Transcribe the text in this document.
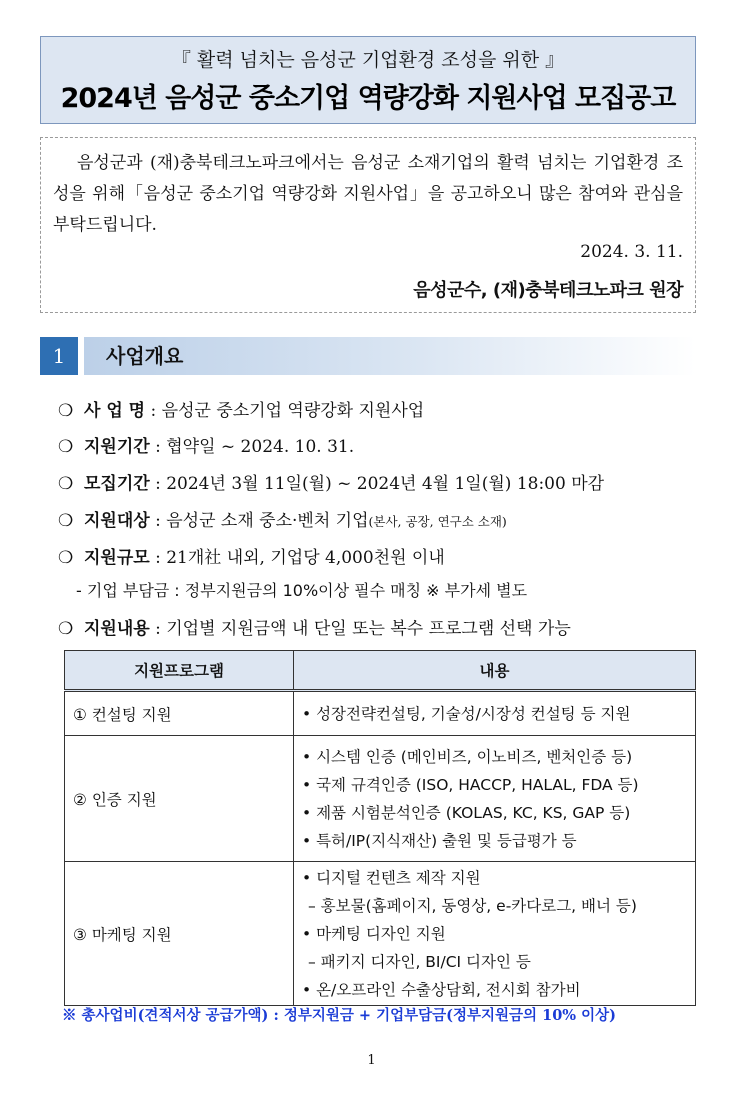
『 활력 넘치는 음성군 기업환경 조성을 위한 』
2024년 음성군 중소기업 역량강화 지원사업 모집공고

음성군과 (재)충북테크노파크에서는 음성군 소재기업의 활력 넘치는 기업환경 조성을 위해「음성군 중소기업 역량강화 지원사업」을 공고하오니 많은 참여와 관심을 부탁드립니다.

2024. 3. 11.
음성군수, (재)충북테크노파크 원장
1	사업개요
❍ 사 업 명 : 음성군 중소기업 역량강화 지원사업
❍ 지원기간 : 협약일 ~ 2024. 10. 31.
❍ 모집기간 : 2024년 3월 11일(월) ~ 2024년 4월 1일(월) 18:00 마감
❍ 지원대상 : 음성군 소재 중소·벤처 기업(본사, 공장, 연구소 소재)
❍ 지원규모 : 21개社 내외, 기업당 4,000천원 이내
- 기업 부담금 : 정부지원금의 10%이상 필수 매칭 ※ 부가세 별도
❍ 지원내용 : 기업별 지원금액 내 단일 또는 복수 프로그램 선택 가능
지원프로그램	내용
① 컨설팅 지원	• 성장전략컨설팅, 기술성/시장성 컨설팅 등 지원

② 인증 지원	• 시스템 인증 (메인비즈, 이노비즈, 벤처인증 등)
• 국제 규격인증 (ISO, HACCP, HALAL, FDA 등)
• 제품 시험분석인증 (KOLAS, KC, KS, GAP 등)
• 특허/IP(지식재산) 출원 및 등급평가 등

③ 마케팅 지원	• 디지털 컨텐츠 제작 지원
– 홍보물(홈페이지, 동영상, e-카다로그, 배너 등)
• 마케팅 디자인 지원
– 패키지 디자인, BI/CI 디자인 등
• 온/오프라인 수출상담회, 전시회 참가비
※ 총사업비(견적서상 공급가액) : 정부지원금 + 기업부담금(정부지원금의 10% 이상)
1
